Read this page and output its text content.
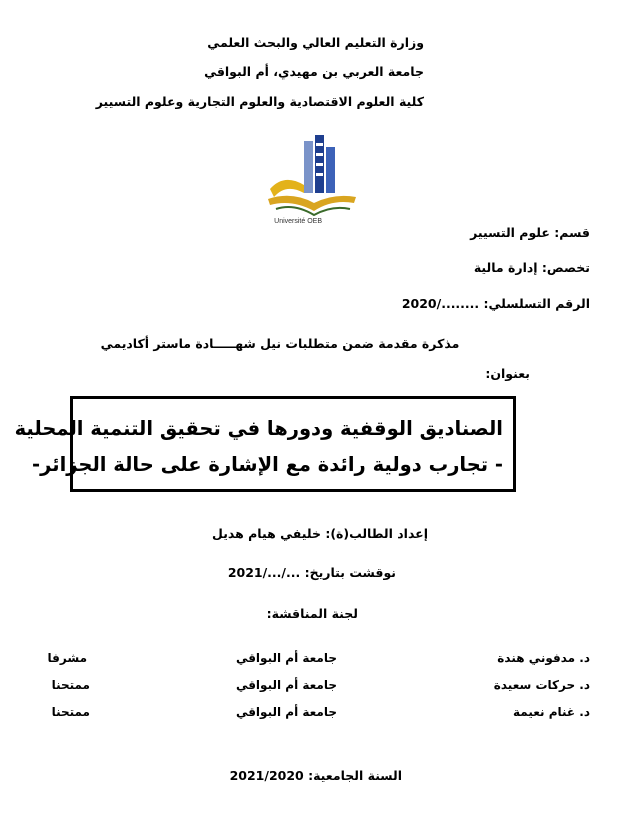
وزارة التعليم العالي والبحث العلمي
جامعة العربي بن مهيدي، أم البواقي
كلية العلوم الاقتصادية والعلوم التجارية وعلوم التسيير
Université OEB
قسم: علوم التسيير
تخصص: إدارة مالية
الرقم التسلسلي: ......../2020
مذكرة مقدمة ضمن متطلبات نيل شهـــــادة ماستر أكاديمي
بعنوان:
الصناديق الوقفية ودورها في تحقيق التنمية المحلية
- تجارب دولية رائدة مع الإشارة على حالة الجزائر-
إعداد الطالب(ة): خليفي هيام هديل
نوقشت بتاريخ: .../.../2021
لجنة المناقشة:
د. مدفوني هندة
جامعة أم البواقي
مشرفا
د. حركات سعيدة
جامعة أم البواقي
ممتحنا
د. غنام نعيمة
جامعة أم البواقي
ممتحنا
السنة الجامعية: 2021/2020
